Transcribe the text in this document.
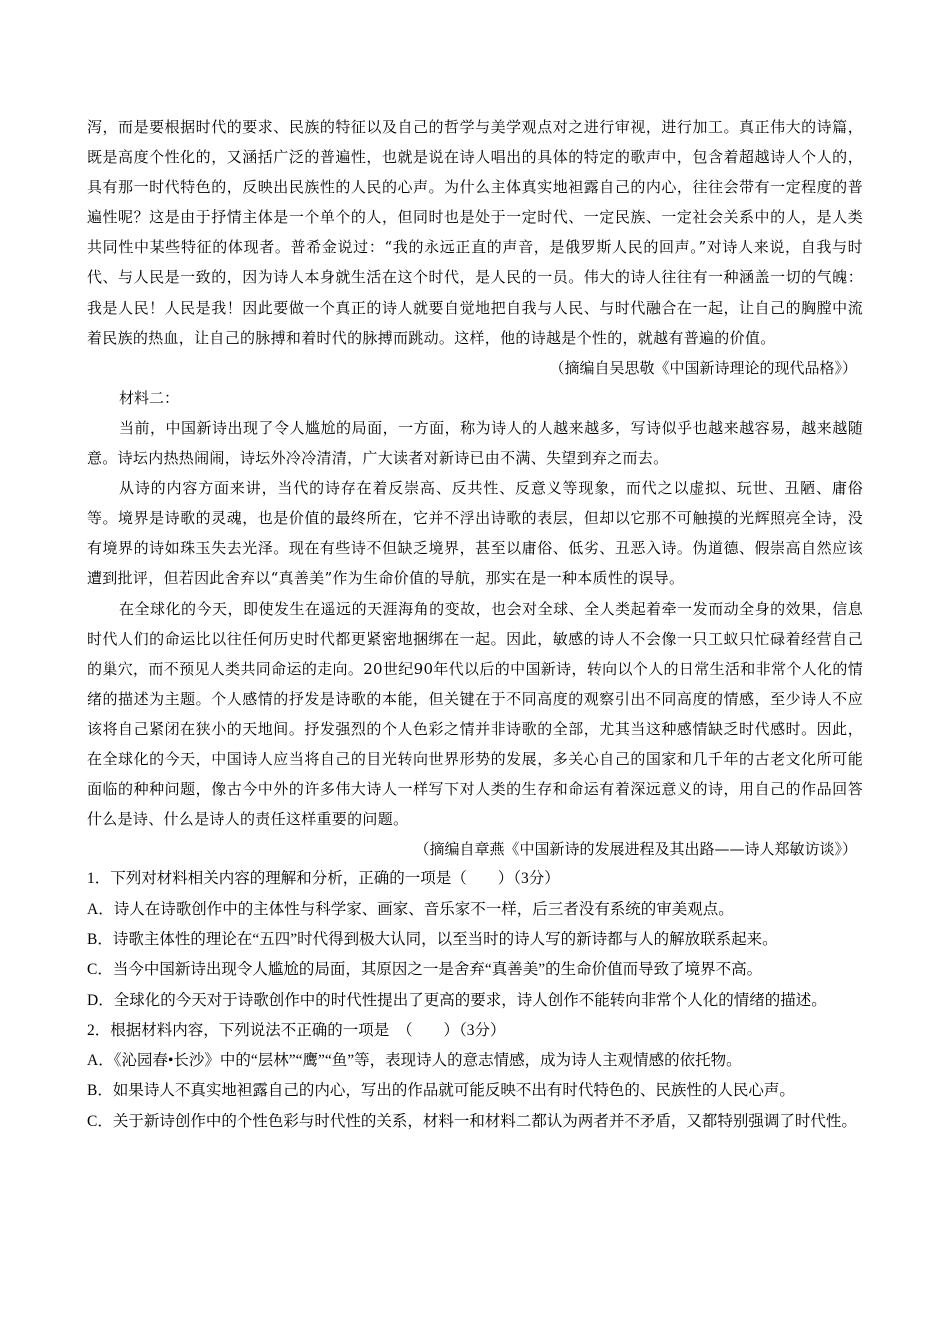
泻，而是要根据时代的要求、民族的特征以及自己的哲学与美学观点对之进行审视，进行加工。真正伟大的诗篇，既是高度个性化的，又涵括广泛的普遍性，也就是说在诗人唱出的具体的特定的歌声中，包含着超越诗人个人的，具有那一时代特色的，反映出民族性的人民的心声。为什么主体真实地袒露自己的内心，往往会带有一定程度的普遍性呢？这是由于抒情主体是一个单个的人，但同时也是处于一定时代、一定民族、一定社会关系中的人，是人类共同性中某些特征的体现者。普希金说过：“我的永远正直的声音，是俄罗斯人民的回声。”对诗人来说，自我与时代、与人民是一致的，因为诗人本身就生活在这个时代，是人民的一员。伟大的诗人往往有一种涵盖一切的气魄：我是人民！人民是我！因此要做一个真正的诗人就要自觉地把自我与人民、与时代融合在一起，让自己的胸膛中流着民族的热血，让自己的脉搏和着时代的脉搏而跳动。这样，他的诗越是个性的，就越有普遍的价值。

（摘编自吴思敬《中国新诗理论的现代品格》）

材料二：

当前，中国新诗出现了令人尴尬的局面，一方面，称为诗人的人越来越多，写诗似乎也越来越容易，越来越随意。诗坛内热热闹闹，诗坛外冷冷清清，广大读者对新诗已由不满、失望到弃之而去。

从诗的内容方面来讲，当代的诗存在着反崇高、反共性、反意义等现象，而代之以虚拟、玩世、丑陋、庸俗等。境界是诗歌的灵魂，也是价值的最终所在，它并不浮出诗歌的表层，但却以它那不可触摸的光辉照亮全诗，没有境界的诗如珠玉失去光泽。现在有些诗不但缺乏境界，甚至以庸俗、低劣、丑恶入诗。伪道德、假崇高自然应该遭到批评，但若因此舍弃以“真善美”作为生命价值的导航，那实在是一种本质性的误导。

在全球化的今天，即使发生在遥远的天涯海角的变故，也会对全球、全人类起着牵一发而动全身的效果，信息时代人们的命运比以往任何历史时代都更紧密地捆绑在一起。因此，敏感的诗人不会像一只工蚁只忙碌着经营自己的巢穴，而不预见人类共同命运的走向。20世纪90年代以后的中国新诗，转向以个人的日常生活和非常个人化的情绪的描述为主题。个人感情的抒发是诗歌的本能，但关键在于不同高度的观察引出不同高度的情感，至少诗人不应该将自己紧闭在狭小的天地间。抒发强烈的个人色彩之情并非诗歌的全部，尤其当这种感情缺乏时代感时。因此，在全球化的今天，中国诗人应当将自己的目光转向世界形势的发展，多关心自己的国家和几千年的古老文化所可能面临的种种问题，像古今中外的许多伟大诗人一样写下对人类的生存和命运有着深远意义的诗，用自己的作品回答什么是诗、什么是诗人的责任这样重要的问题。

（摘编自章燕《中国新诗的发展进程及其出路——诗人郑敏访谈》）

1．下列对材料相关内容的理解和分析，正确的一项是（　　）（3分）

A．诗人在诗歌创作中的主体性与科学家、画家、音乐家不一样，后三者没有系统的审美观点。

B．诗歌主体性的理论在“五四”时代得到极大认同，以至当时的诗人写的新诗都与人的解放联系起来。

C．当今中国新诗出现令人尴尬的局面，其原因之一是舍弃“真善美”的生命价值而导致了境界不高。

D．全球化的今天对于诗歌创作中的时代性提出了更高的要求，诗人创作不能转向非常个人化的情绪的描述。

2．根据材料内容，下列说法不正确的一项是　（　　）（3分）

A．《沁园春•长沙》中的“层林”“鹰”“鱼”等，表现诗人的意志情感，成为诗人主观情感的依托物。

B．如果诗人不真实地袒露自己的内心，写出的作品就可能反映不出有时代特色的、民族性的人民心声。

C．关于新诗创作中的个性色彩与时代性的关系，材料一和材料二都认为两者并不矛盾，又都特别强调了时代性。
